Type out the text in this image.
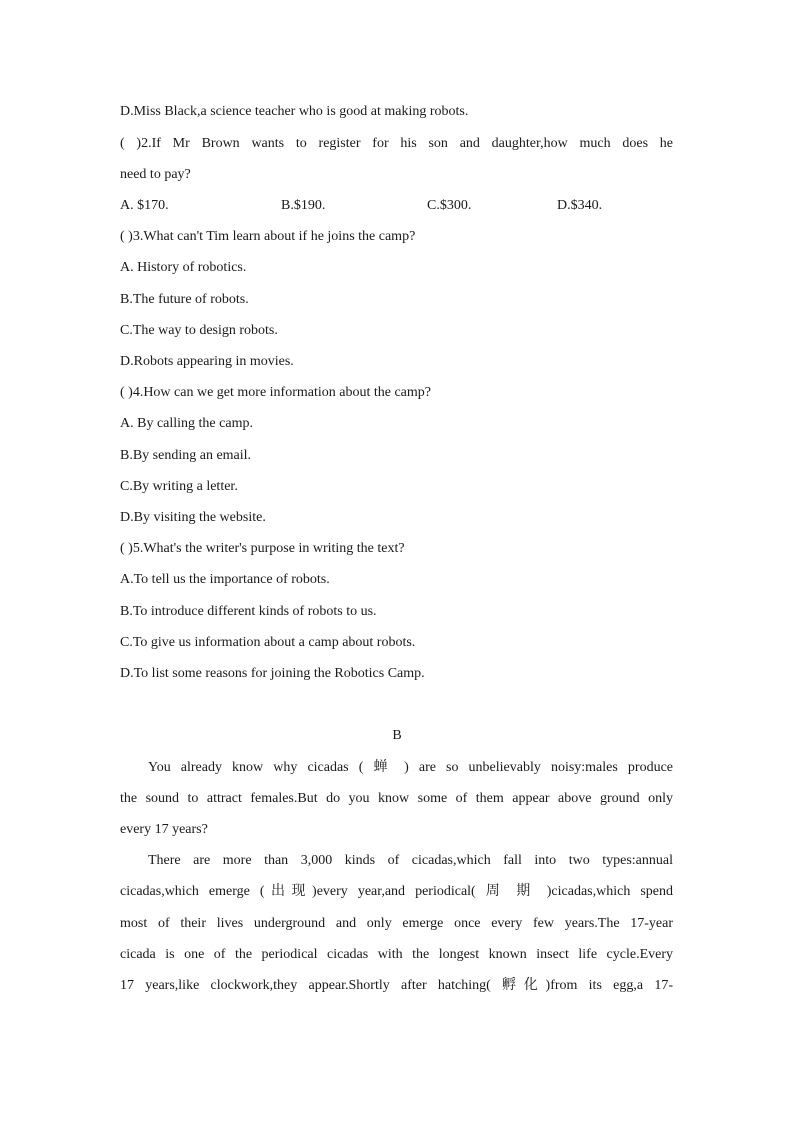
D.Miss Black,a science teacher who is good at making robots.
( )2.If Mr Brown wants to register for his son and daughter,how much does he
need to pay?
A. $170.	B.$190.	C.$300.	D.$340.
( )3.What can't Tim learn about if he joins the camp?
A. History of robotics.
B.The future of robots.
C.The way to design robots.
D.Robots appearing in movies.
( )4.How can we get more information about the camp?
A. By calling the camp.
B.By sending an email.
C.By writing a letter.
D.By visiting the website.
( )5.What's the writer's purpose in writing the text?
A.To tell us the importance of robots.
B.To introduce different kinds of robots to us.
C.To give us information about a camp about robots.
D.To list some reasons for joining the Robotics Camp.
B
You already know why cicadas ( 蝉 ) are so unbelievably noisy:males produce
the sound to attract females.But do you know some of them appear above ground only
every 17 years?
There are more than 3,000 kinds of cicadas,which fall into two types:annual
cicadas,which emerge (出现)every year,and periodical( 周 期 )cicadas,which spend
most of their lives underground and only emerge once every few years.The 17-year
cicada is one of the periodical cicadas with the longest known insect life cycle.Every
17 years,like clockwork,they appear.Shortly after hatching( 孵化)from its egg,a 17-
